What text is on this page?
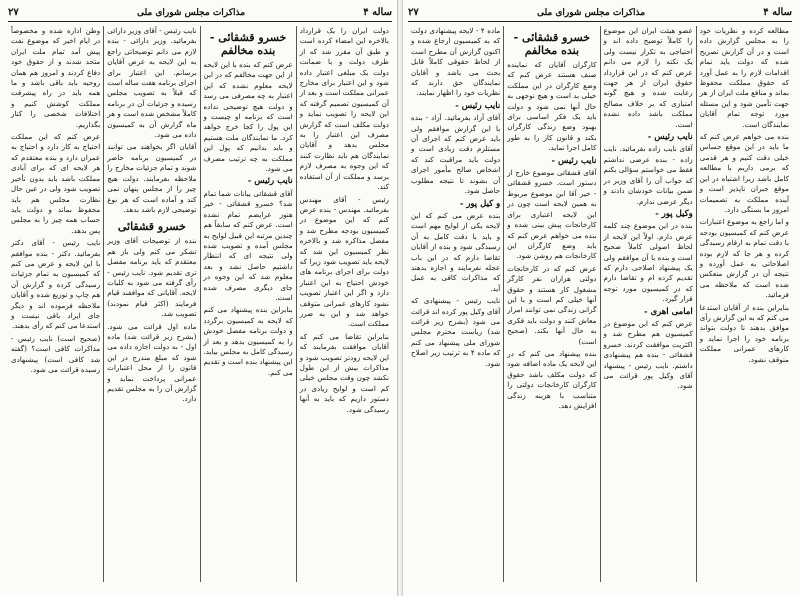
ساله ۴
مذاکرات مجلس شورای ملی
۲۷

دولت ایران را یک قرارداد بالاخره این امضاء کرده است و طبق آن مقرر شد که از طرف دولت و با ضمانت دولت یک مبلغی اعتبار داده شود و این اعتبار برای مخارج عمرانی مملکت است و بعد از آن کمیسیون تصمیم گرفته که این لایحه را تصویب نماید و دولت مکلف است که گزارش مصرف این اعتبار را به مجلس بدهد و آقایان نمایندگان هم باید نظارت کنند که این وجوه به مصرف لازم برسد و مملکت از آن استفاده کند.

رئیس - آقای مهندس بفرمائید. مهندس - بنده عرض کنم که این موضوع در کمیسیون بودجه مطرح شد و مفصل مذاکره شد و بالاخره نظر کمیسیون این شد که لایحه باید تصویب شود زیرا که دولت برای اجرای برنامه های خودش احتیاج به این اعتبار دارد و اگر این اعتبار تصویب نشود کارهای عمرانی متوقف خواهد شد و این به ضرر مملکت است.

بنابراین تقاضا می کنم که آقایان موافقت بفرمایند که این لایحه زودتر تصویب شود و مذاکرات بیش از این طول نکشد چون وقت مجلس خیلی کم است و لوایح زیادی در دستور داریم که باید به آنها رسیدگی شود.

خسرو قشقائی - بنده مخالفم

عرض کنم که بنده با این لایحه از این جهت مخالفم که در این لایحه معلوم نشده که این اعتبار به چه مصرفی می رسد و دولت هیچ توضیحی نداده است که برنامه او چیست و این پول را کجا خرج خواهد کرد. ما نمایندگان ملت هستیم و باید بدانیم که پول این مملکت به چه ترتیب مصرف می شود.

نایب رئیس -

آقای قشقائی بیانات شما تمام شد؟ خسرو قشقائی - خیر هنوز عرایضم تمام نشده است. عرض کنم که سابقاً هم چندین مرتبه این قبیل لوایح به مجلس آمده و تصویب شده ولی نتیجه ای که انتظار داشتیم حاصل نشد و بعد معلوم شد که این وجوه در جای دیگری مصرف شده است.

بنابراین بنده پیشنهاد می کنم که لایحه به کمیسیون برگردد و دولت برنامه مفصل خودش را به کمیسیون بدهد و بعد از رسیدگی کامل به مجلس بیاید. این پیشنهاد بنده است و تقدیم می کنم.

نایب رئیس - آقای وزیر دارائی بفرمائید. وزیر دارائی - بنده لازم می دانم توضیحاتی راجع به این لایحه به عرض آقایان برسانم. این اعتبار برای اجرای برنامه هفت ساله است که قبلاً به تصویب مجلس رسیده و جزئیات آن در برنامه کاملاً مشخص شده است و هر ماه گزارش آن به کمیسیون داده می شود.

آقایان اگر بخواهند می توانند در کمیسیون برنامه حاضر شوند و تمام جزئیات مخارج را ملاحظه بفرمایند. دولت هیچ چیز را از مجلس پنهان نمی کند و آماده است که هر نوع توضیحی لازم باشد بدهد.

خسرو قشقائی

بنده از توضیحات آقای وزیر تشکر می کنم ولی باز هم معتقدم که باید برنامه مفصل تری تقدیم شود. نایب رئیس - رأی گرفته می شود به کلیات لایحه. آقایانی که موافقند قیام فرمایند (اکثر قیام نمودند) تصویب شد.

ماده اول قرائت می شود. (بشرح زیر قرائت شد) ماده اول - به دولت اجازه داده می شود که مبلغ مندرج در این قانون را از محل اعتبارات عمرانی پرداخت نماید و گزارش آن را به مجلس تقدیم دارد.

وطن اداره شده و مخصوصاً در ایام اخیر که موضوع نفت پیش آمد تمام ملت ایران متحد شدند و از حقوق خود دفاع کردند و امروز هم همان روحیه باید باقی باشد و ما همه باید در راه پیشرفت مملکت کوشش کنیم و اختلافات شخصی را کنار بگذاریم.

عرض کنم که این مملکت احتیاج به کار دارد و احتیاج به عمران دارد و بنده معتقدم که هر لایحه ای که برای آبادی مملکت باشد باید بدون تأخیر تصویب شود ولی در عین حال نظارت مجلس هم باید محفوظ بماند و دولت باید حساب همه چیز را به مجلس پس بدهد.

نایب رئیس - آقای دکتر بفرمائید. دکتر - بنده موافقم با این لایحه و عرض می کنم که کمیسیون به تمام جزئیات رسیدگی کرده و گزارش آن هم چاپ و توزیع شده و آقایان ملاحظه فرموده اند و دیگر جای ایراد باقی نیست و استدعا می کنم که رأی بدهند.

(صحیح است) نایب رئیس - مذاکرات کافی است؟ (گفته شد کافی است) پیشنهادی رسیده قرائت می شود.

ساله ۴
مذاکرات مجلس شورای ملی
۲۷

مطالعه کرده و نظریات خود را به مجلس گزارش داده است و در آن گزارش تصریح شده که دولت باید تمام اقدامات لازم را به عمل آورد که حقوق مملکت محفوظ بماند و منافع ملت ایران از هر جهت تأمین شود و این مسئله مورد توجه تمام آقایان نمایندگان است.

بنده می خواهم عرض کنم که ما باید در این موقع حساس خیلی دقت کنیم و هر قدمی که برمی داریم با مطالعه کامل باشد زیرا اشتباه در این موقع جبران ناپذیر است و آینده مملکت به تصمیمات امروز ما بستگی دارد.

و اما راجع به موضوع اعتبارات عرض کنم که کمیسیون بودجه با دقت تمام به ارقام رسیدگی کرده و هر جا که لازم بوده اصلاحاتی به عمل آورده و نتیجه آن در گزارش منعکس شده است که ملاحظه می فرمائید.

بنابراین بنده از آقایان استدعا می کنم که به این گزارش رأی موافق بدهند تا دولت بتواند برنامه خود را اجرا نماید و کارهای عمرانی مملکت متوقف نشود.

عضو هیئت ایران این موضوع را کاملاً توضیح داده اند و احتیاجی به تکرار نیست ولی یک نکته را لازم می دانم عرض کنم که در این قرارداد حقوق ایران از هر جهت رعایت شده و هیچ گونه امتیازی که بر خلاف مصالح مملکت باشد داده نشده است.

نایب رئیس -

آقای نایب زاده بفرمائید. نایب زاده - بنده عرضی نداشتم فقط می خواستم سؤالی بکنم که جواب آن را آقای وزیر در ضمن بیانات خودشان دادند و دیگر عرضی ندارم.

وکیل پور -

بنده در این موضوع چند کلمه عرض دارم. اولاً این لایحه از لحاظ اصولی کاملاً صحیح است و بنده با آن موافقم ولی یک پیشنهاد اصلاحی دارم که تقدیم کرده ام و تقاضا دارم که در کمیسیون مورد توجه قرار گیرد.

امامی اهری -

عرض کنم که این موضوع در کمیسیون هم مطرح شد و اکثریت موافقت کردند. خسرو قشقائی - بنده هم پیشنهادی داشتم. نایب رئیس - پیشنهاد آقای وکیل پور قرائت می شود.

خسرو قشقائی - بنده مخالفم

کارگران آقایان که نماینده صنف هستند عرض کنم که وضع کارگران در این مملکت خیلی بد است و هیچ توجهی به حال آنها نمی شود و دولت باید یک فکر اساسی برای بهبود وضع زندگی کارگران بکند و قانون کار را به طور کامل اجرا نماید.

نایب رئیس -

آقای قشقائی موضوع خارج از دستور است. خسرو قشقائی - خیر آقا این موضوع مربوط به همین لایحه است چون در این لایحه اعتباری برای کارخانجات پیش بینی شده و بنده می خواهم عرض کنم که باید وضع کارگران این کارخانجات هم روشن شود.

عرض کنم که در کارخانجات دولتی هزاران نفر کارگر مشغول کار هستند و حقوق آنها خیلی کم است و با این گرانی زندگی نمی توانند امرار معاش کنند و دولت باید فکری به حال آنها بکند. (صحیح است)

بنده پیشنهاد می کنم که در این لایحه یک ماده اضافه شود که دولت مکلف باشد حقوق کارگران کارخانجات دولتی را متناسب با هزینه زندگی افزایش دهد.

ماده ۴ - لایحه پیشنهادی دولت که به کمیسیون ارجاع شده و اکنون گزارش آن مطرح است از لحاظ حقوقی کاملاً قابل بحث می باشد و آقایان نمایندگان حق دارند که نظریات خود را اظهار نمایند.

نایب رئیس -

آقای آزاد بفرمائید. آزاد - بنده با این گزارش موافقم ولی باید عرض کنم که اجرای آن مستلزم دقت زیادی است و دولت باید مراقبت کند که اشخاص صالح مأمور اجرای آن بشوند تا نتیجه مطلوب حاصل شود.

و کیل پور -

بنده عرض می کنم که این لایحه یکی از لوایح مهم است و باید با دقت کامل به آن رسیدگی شود و بنده از آقایان تقاضا دارم که در این باب عجله نفرمایند و اجازه بدهند که مذاکرات کافی به عمل آید.

نایب رئیس - پیشنهادی که آقای وکیل پور کرده اند قرائت می شود (بشرح زیر قرائت شد) ریاست محترم مجلس شورای ملی پیشنهاد می کنم که ماده ۴ به ترتیب زیر اصلاح شود.
